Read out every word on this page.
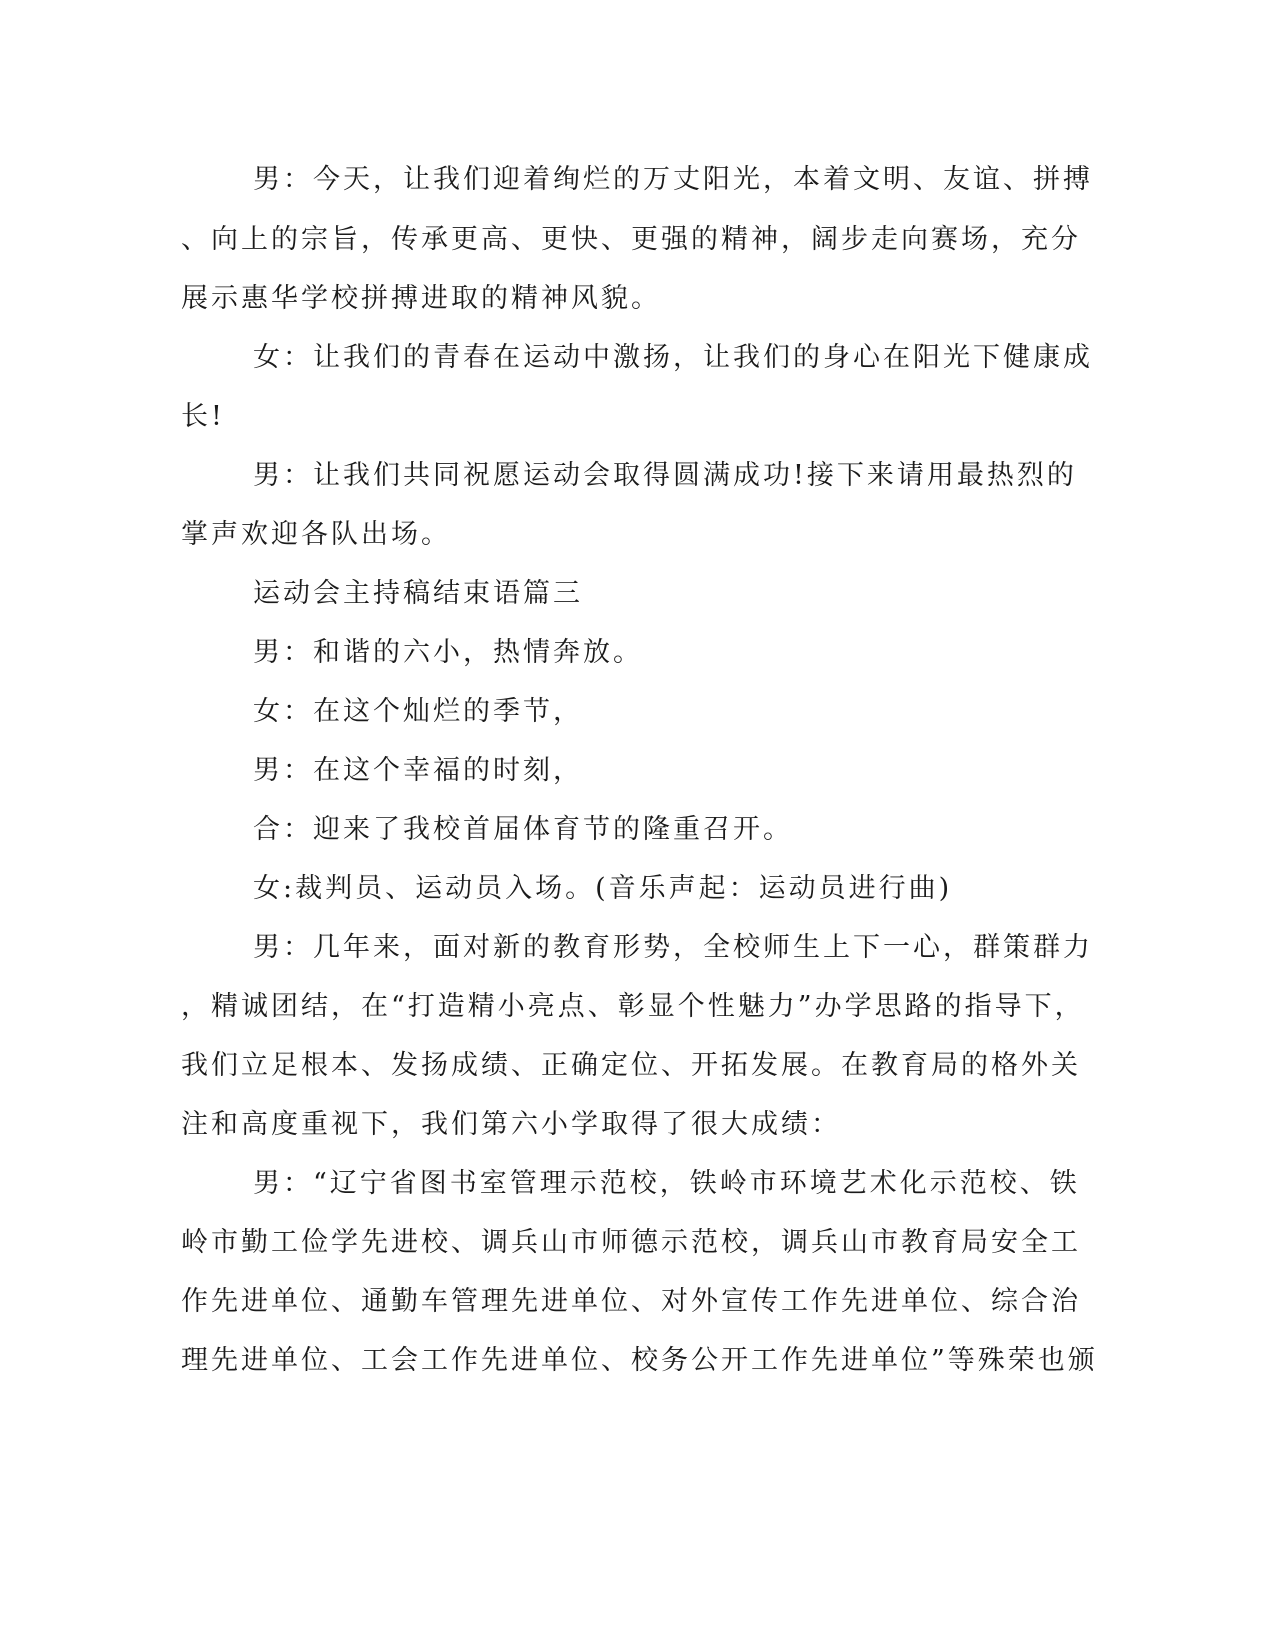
男：今天，让我们迎着绚烂的万丈阳光，本着文明、友谊、拼搏
、向上的宗旨，传承更高、更快、更强的精神，阔步走向赛场，充分
展示惠华学校拼搏进取的精神风貌。
女：让我们的青春在运动中激扬，让我们的身心在阳光下健康成
长!
男：让我们共同祝愿运动会取得圆满成功!接下来请用最热烈的
掌声欢迎各队出场。
运动会主持稿结束语篇三
男：和谐的六小，热情奔放。
女：在这个灿烂的季节，
男：在这个幸福的时刻，
合：迎来了我校首届体育节的隆重召开。
女:裁判员、运动员入场。(音乐声起：运动员进行曲)
男：几年来，面对新的教育形势，全校师生上下一心，群策群力
，精诚团结，在“打造精小亮点、彰显个性魅力”办学思路的指导下，
我们立足根本、发扬成绩、正确定位、开拓发展。在教育局的格外关
注和高度重视下，我们第六小学取得了很大成绩：
男：“辽宁省图书室管理示范校，铁岭市环境艺术化示范校、铁
岭市勤工俭学先进校、调兵山市师德示范校，调兵山市教育局安全工
作先进单位、通勤车管理先进单位、对外宣传工作先进单位、综合治
理先进单位、工会工作先进单位、校务公开工作先进单位”等殊荣也颁
